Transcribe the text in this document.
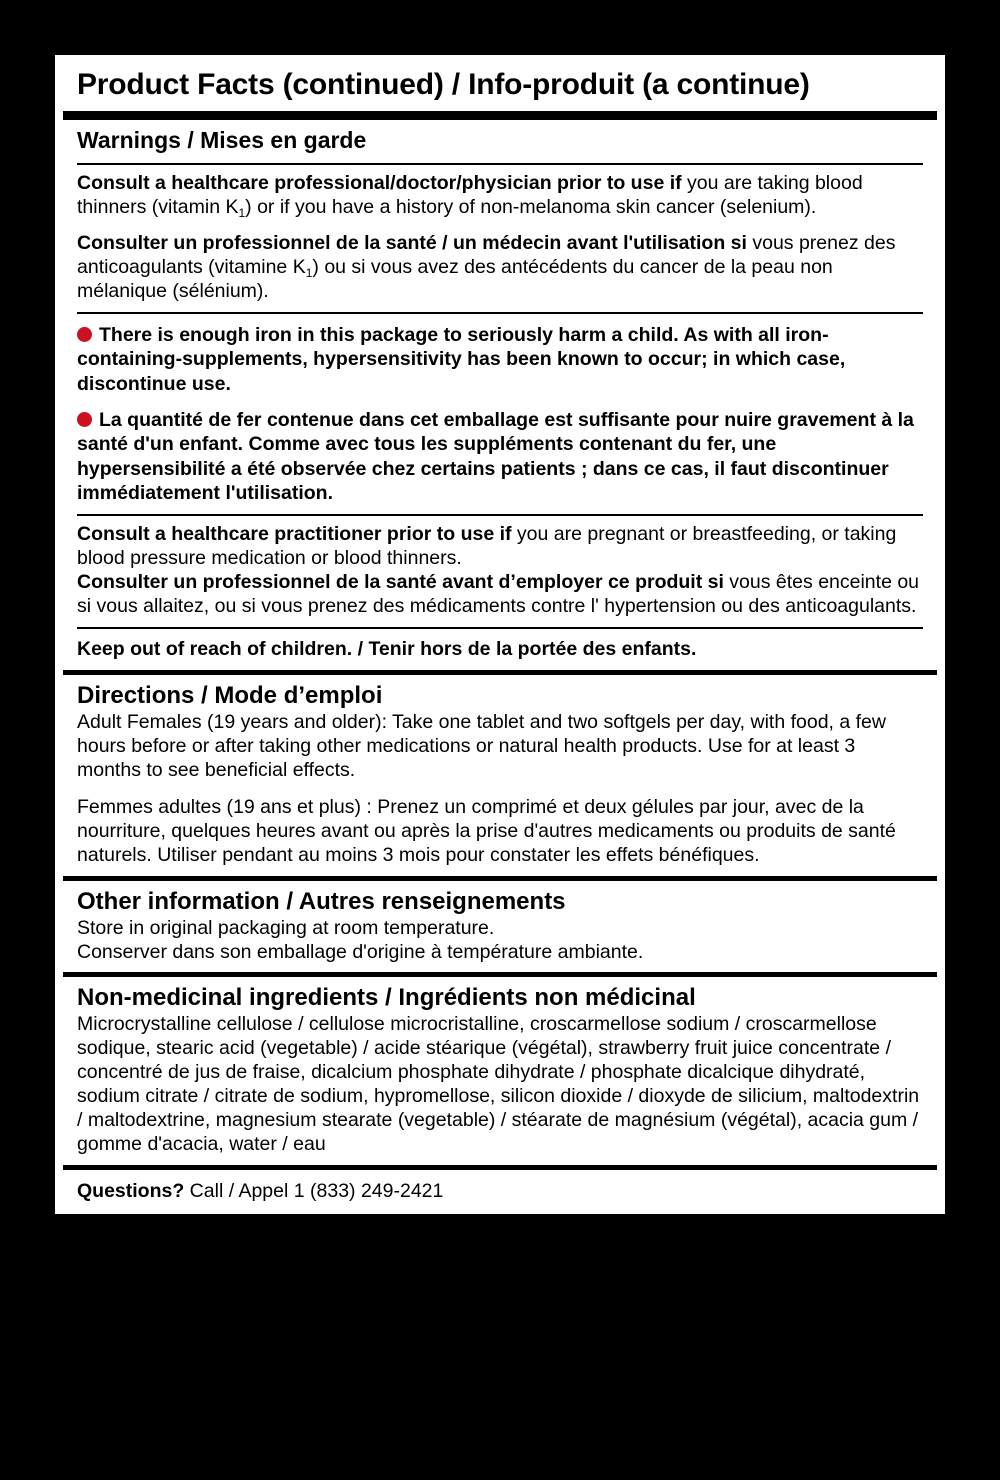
Product Facts (continued) / Info-produit (a continue)
Warnings / Mises en garde

Consult a healthcare professional/doctor/physician prior to use if you are taking blood thinners (vitamin $K_1$) or if you have a history of non-melanoma skin cancer (selenium).

Consulter un professionnel de la santé / un médecin avant l'utilisation si vous prenez des anticoagulants (vitamine $K_1$) ou si vous avez des antécédents du cancer de la peau non mélanique (sélénium).

There is enough iron in this package to seriously harm a child. As with all iron-containing-supplements, hypersensitivity has been known to occur; in which case, discontinue use.

La quantité de fer contenue dans cet emballage est suffisante pour nuire gravement à la santé d'un enfant. Comme avec tous les suppléments contenant du fer, une hypersensibilité a été observée chez certains patients ; dans ce cas, il faut discontinuer immédiatement l'utilisation.

Consult a healthcare practitioner prior to use if you are pregnant or breastfeeding, or taking blood pressure medication or blood thinners.

Consulter un professionnel de la santé avant d’employer ce produit si vous êtes enceinte ou si vous allaitez, ou si vous prenez des médicaments contre l' hypertension ou des anticoagulants.

Keep out of reach of children. / Tenir hors de la portée des enfants.
Directions / Mode d’emploi

Adult Females (19 years and older): Take one tablet and two softgels per day, with food, a few hours before or after taking other medications or natural health products. Use for at least 3 months to see beneficial effects.

Femmes adultes (19 ans et plus) : Prenez un comprimé et deux gélules par jour, avec de la nourriture, quelques heures avant ou après la prise d'autres medicaments ou produits de santé naturels. Utiliser pendant au moins 3 mois pour constater les effets bénéfiques.

Other information / Autres renseignements

Store in original packaging at room temperature.

Conserver dans son emballage d'origine à température ambiante.

Non-medicinal ingredients / Ingrédients non médicinal

Microcrystalline cellulose / cellulose microcristalline, croscarmellose sodium / croscarmellose sodique, stearic acid (vegetable) / acide stéarique (végétal), strawberry fruit juice concentrate / concentré de jus de fraise, dicalcium phosphate dihydrate / phosphate dicalcique dihydraté, sodium citrate / citrate de sodium, hypromellose, silicon dioxide / dioxyde de silicium, maltodextrin / maltodextrine, magnesium stearate (vegetable) / stéarate de magnésium (végétal), acacia gum / gomme d'acacia, water / eau

Questions? Call / Appel 1 (833) 249-2421
